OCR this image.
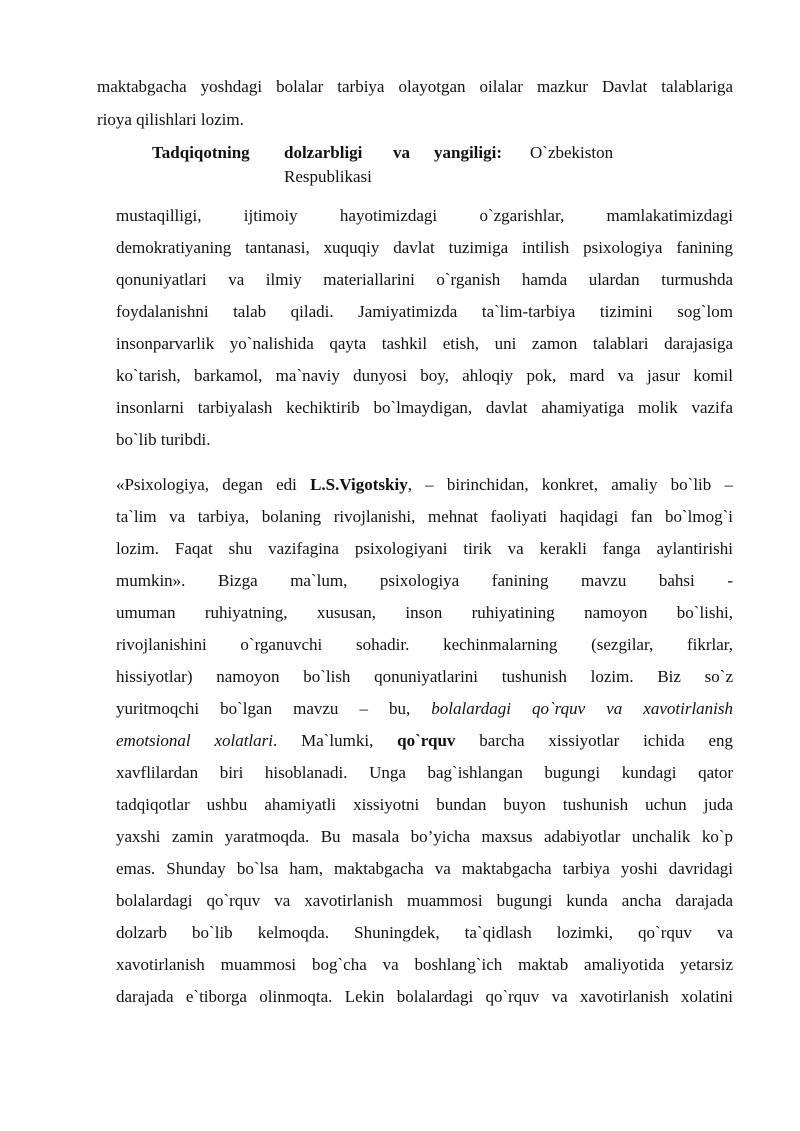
maktabgacha yoshdagi bolalar tarbiya olayotgan oilalar mazkur Davlat talablariga
rioya qilishlari lozim.
Tadqiqotning dolzarbligi va yangiligi: O`zbekiston
Respublikasi
mustaqilligi, ijtimoiy hayotimizdagi o`zgarishlar, mamlakatimizdagi
demokratiyaning tantanasi, xuquqiy davlat tuzimiga intilish psixologiya fanining
qonuniyatlari va ilmiy materiallarini o`rganish hamda ulardan turmushda
foydalanishni talab qiladi. Jamiyatimizda ta`lim-tarbiya tizimini sog`lom
insonparvarlik yo`nalishida qayta tashkil etish, uni zamon talablari darajasiga
ko`tarish, barkamol, ma`naviy dunyosi boy, ahloqiy pok, mard va jasur komil
insonlarni tarbiyalash kechiktirib bo`lmaydigan, davlat ahamiyatiga molik vazifa
bo`lib turibdi.
«Psixologiya, degan edi L.S.Vigotskiy, – birinchidan, konkret, amaliy bo`lib –
ta`lim va tarbiya, bolaning rivojlanishi, mehnat faoliyati haqidagi fan bo`lmog`i
lozim. Faqat shu vazifagina psixologiyani tirik va kerakli fanga aylantirishi
mumkin». Bizga ma`lum, psixologiya fanining mavzu bahsi -
umuman ruhiyatning, xususan, inson ruhiyatining namoyon bo`lishi,
rivojlanishini o`rganuvchi sohadir. kechinmalarning (sezgilar, fikrlar,
hissiyotlar) namoyon bo`lish qonuniyatlarini tushunish lozim. Biz so`z
yuritmoqchi bo`lgan mavzu – bu, bolalardagi qo`rquv va xavotirlanish
emotsional xolatlari. Ma`lumki, qo`rquv barcha xissiyotlar ichida eng
xavflilardan biri hisoblanadi. Unga bag`ishlangan bugungi kundagi qator
tadqiqotlar ushbu ahamiyatli xissiyotni bundan buyon tushunish uchun juda
yaxshi zamin yaratmoqda. Bu masala bo’yicha maxsus adabiyotlar unchalik ko`p
emas. Shunday bo`lsa ham, maktabgacha va maktabgacha tarbiya yoshi davridagi
bolalardagi qo`rquv va xavotirlanish muammosi bugungi kunda ancha darajada
dolzarb bo`lib kelmoqda. Shuningdek, ta`qidlash lozimki, qo`rquv va
xavotirlanish muammosi bog`cha va boshlang`ich maktab amaliyotida yetarsiz
darajada e`tiborga olinmoqta. Lekin bolalardagi qo`rquv va xavotirlanish xolatini
